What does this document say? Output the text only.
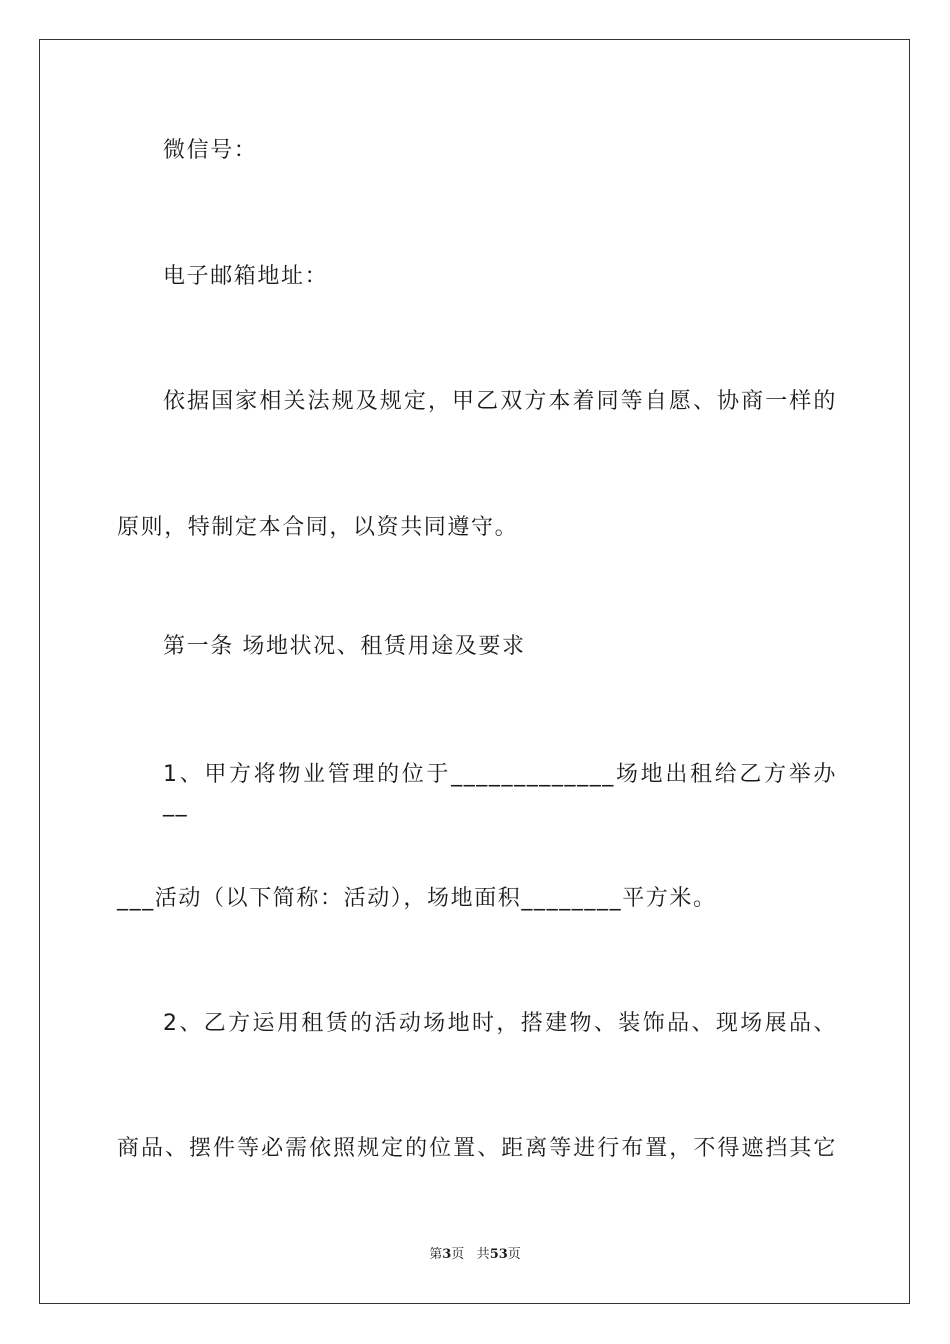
微信号：
电子邮箱地址：
依据国家相关法规及规定，甲乙双方本着同等自愿、协商一样的
原则，特制定本合同，以资共同遵守。
第一条 场地状况、租赁用途及要求
1、甲方将物业管理的位于_____________场地出租给乙方举办__
___活动（以下简称：活动），场地面积________平方米。
2、乙方运用租赁的活动场地时，搭建物、装饰品、现场展品、
商品、摆件等必需依照规定的位置、距离等进行布置，不得遮挡其它
第3页 共53页
